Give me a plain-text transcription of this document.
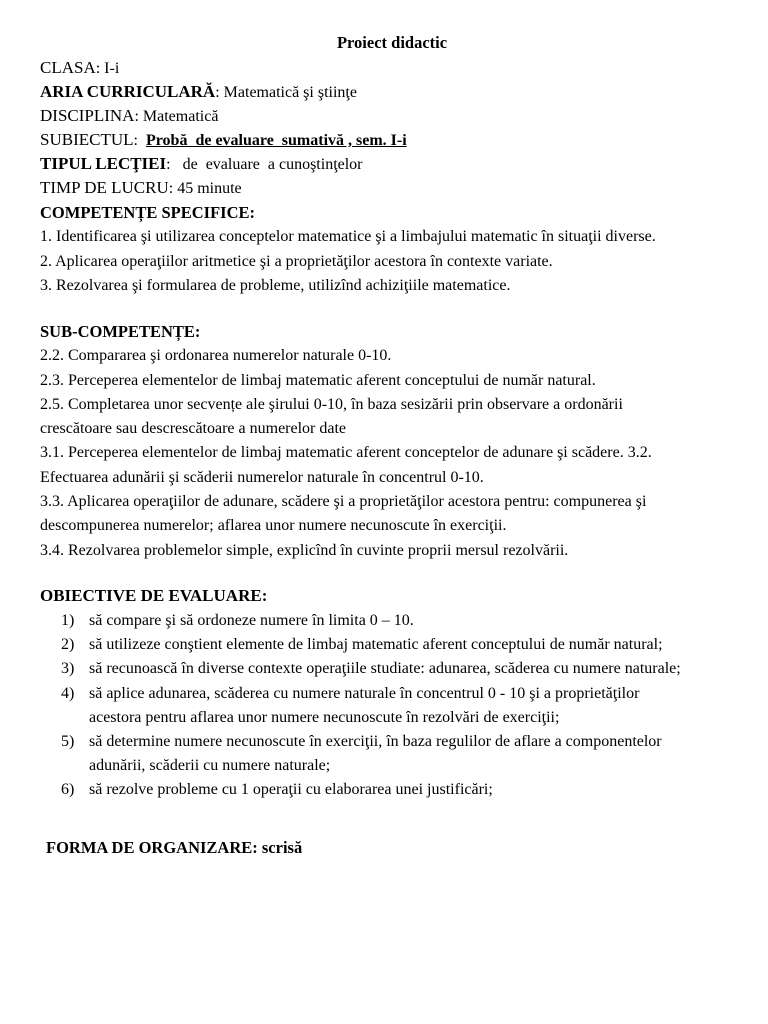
Proiect didactic
CLASA: I-i
ARIA CURRICULARĂ: Matematică şi ştiinţe
DISCIPLINA: Matematică
SUBIECTUL:  Probă  de evaluare  sumativă , sem. I-i
TIPUL LECŢIEI:   de  evaluare  a cunoştinţelor
TIMP DE LUCRU: 45 minute
COMPETENȚE SPECIFICE:
1. Identificarea şi utilizarea conceptelor matematice şi a limbajului matematic în situaţii diverse.
2. Aplicarea operaţiilor aritmetice şi a proprietăţilor acestora în contexte variate.
3. Rezolvarea şi formularea de probleme, utilizînd achiziţiile matematice.
SUB-COMPETENȚE:
2.2. Compararea şi ordonarea numerelor naturale 0-10.
2.3. Perceperea elementelor de limbaj matematic aferent conceptului de număr natural.
2.5. Completarea unor secvențe ale şirului 0-10, în baza sesizării prin observare a ordonării
crescătoare sau descrescătoare a numerelor date
3.1. Perceperea elementelor de limbaj matematic aferent conceptelor de adunare şi scădere. 3.2.
Efectuarea adunării şi scăderii numerelor naturale în concentrul 0-10.
3.3. Aplicarea operaţiilor de adunare, scădere şi a proprietăţilor acestora pentru: compunerea şi
descompunerea numerelor; aflarea unor numere necunoscute în exerciţii.
3.4. Rezolvarea problemelor simple, explicînd în cuvinte proprii mersul rezolvării.
OBIECTIVE DE EVALUARE:
1) să compare şi să ordoneze numere în limita 0 – 10.
2) să utilizeze conştient elemente de limbaj matematic aferent conceptului de număr natural;
3) să recunoască în diverse contexte operaţiile studiate: adunarea, scăderea cu numere naturale;
4) să aplice adunarea, scăderea cu numere naturale în concentrul 0 - 10 şi a proprietăţilor
acestora pentru aflarea unor numere necunoscute în rezolvări de exerciţii;
5) să determine numere necunoscute în exerciţii, în baza regulilor de aflare a componentelor
adunării, scăderii cu numere naturale;
6) să rezolve probleme cu 1 operaţii cu elaborarea unei justificări;
FORMA DE ORGANIZARE: scrisă
